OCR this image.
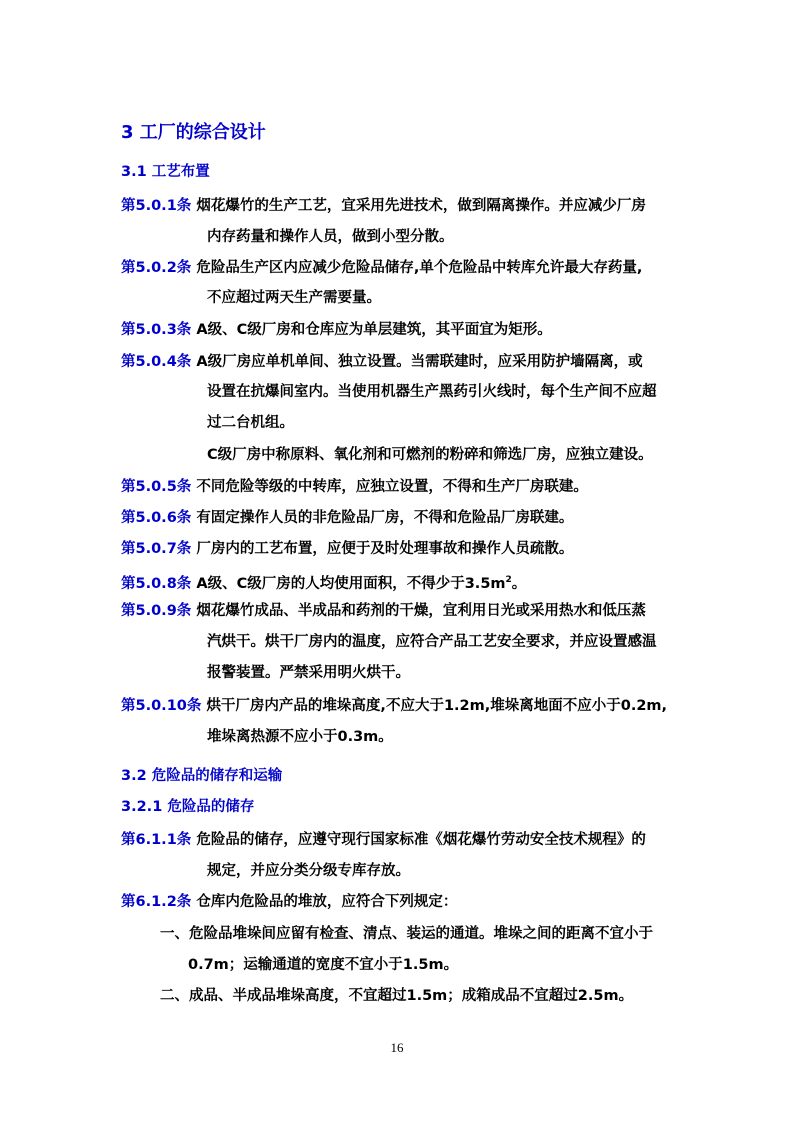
3 工厂的综合设计
3.1 工艺布置
第5.0.1条 烟花爆竹的生产工艺，宜采用先进技术，做到隔离操作。并应减少厂房
内存药量和操作人员，做到小型分散。
第5.0.2条 危险品生产区内应减少危险品储存,单个危险品中转库允许最大存药量,
不应超过两天生产需要量。
第5.0.3条 A级、C级厂房和仓库应为单层建筑，其平面宜为矩形。
第5.0.4条 A级厂房应单机单间、独立设置。当需联建时，应采用防护墙隔离，或
设置在抗爆间室内。当使用机器生产黑药引火线时，每个生产间不应超
过二台机组。
C级厂房中称原料、氧化剂和可燃剂的粉碎和筛选厂房，应独立建设。
第5.0.5条 不同危险等级的中转库，应独立设置，不得和生产厂房联建。
第5.0.6条 有固定操作人员的非危险品厂房，不得和危险品厂房联建。
第5.0.7条 厂房内的工艺布置，应便于及时处理事故和操作人员疏散。
第5.0.8条 A级、C级厂房的人均使用面积，不得少于$3.5m^2$。
第5.0.9条 烟花爆竹成品、半成品和药剂的干燥，宜利用日光或采用热水和低压蒸
汽烘干。烘干厂房内的温度，应符合产品工艺安全要求，并应设置感温
报警装置。严禁采用明火烘干。
第5.0.10条 烘干厂房内产品的堆垛高度,不应大于1.2m,堆垛离地面不应小于0.2m,
堆垛离热源不应小于0.3m。
3.2 危险品的储存和运输
3.2.1 危险品的储存
第6.1.1条 危险品的储存，应遵守现行国家标准《烟花爆竹劳动安全技术规程》的
规定，并应分类分级专库存放。
第6.1.2条 仓库内危险品的堆放，应符合下列规定：
一、危险品堆垛间应留有检查、清点、装运的通道。堆垛之间的距离不宜小于
0.7m；运输通道的宽度不宜小于1.5m。
二、成品、半成品堆垛高度，不宜超过1.5m；成箱成品不宜超过2.5m。
16
